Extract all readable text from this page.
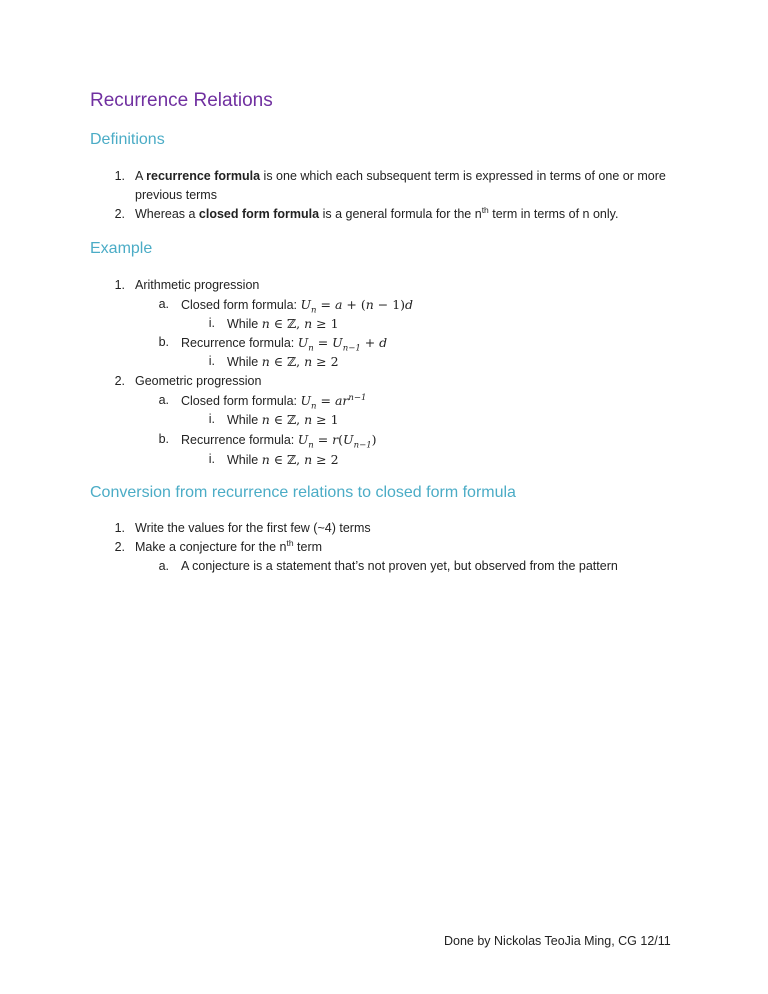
Recurrence Relations
Definitions
1. A recurrence formula is one which each subsequent term is expressed in terms of one or more
previous terms
2. Whereas a closed form formula is a general formula for the $n^{th}$ term in terms of n only.
Example
1. Arithmetic progression
a. Closed form formula: $U_n = a + (n - 1)d$
i. While n ∈ ℤ, n ≥ 1
b. Recurrence formula: $U_n = U_{n-1} + d$
i. While n ∈ ℤ, n ≥ 2
2. Geometric progression
a. Closed form formula: $U_n = ar^{n-1}$
i. While n ∈ ℤ, n ≥ 1
b. Recurrence formula: $U_n = r(U_{n-1})$
i. While n ∈ ℤ, n ≥ 2
Conversion from recurrence relations to closed form formula
1. Write the values for the first few (~4) terms
2. Make a conjecture for the $n^{th}$ term
a. A conjecture is a statement that’s not proven yet, but observed from the pattern
Done by Nickolas TeoJia Ming, CG 12/11
